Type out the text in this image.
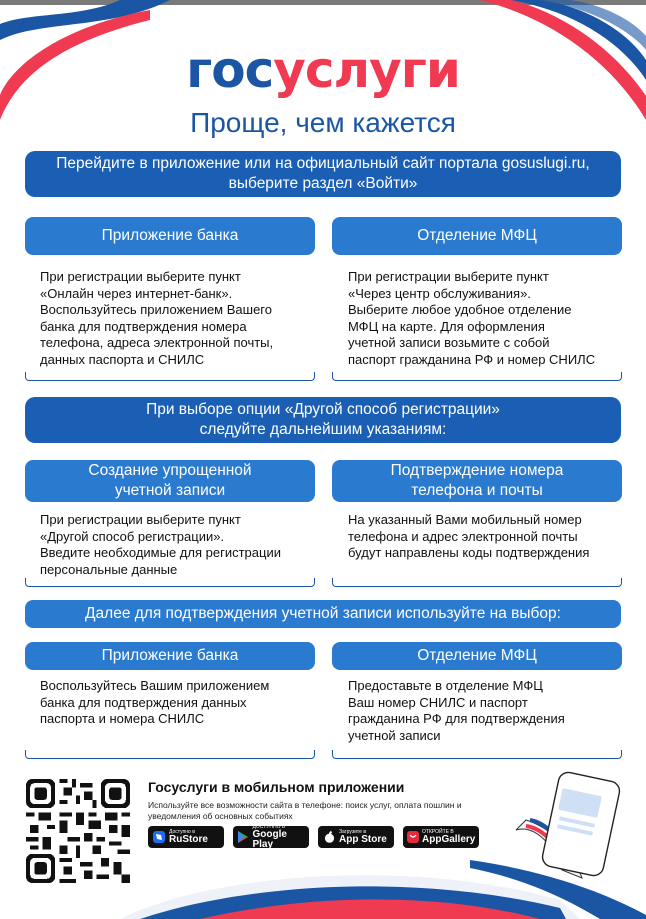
госуслуги
Проще, чем кажется
Перейдите в приложение или на официальный сайт портала gosuslugi.ru,
выберите раздел «Войти»
Приложение банка	Отделение МФЦ
При регистрации выберите пункт
«Онлайн через интернет-банк».
Воспользуйтесь приложением Вашего
банка для подтверждения номера
телефона, адреса электронной почты,
данных паспорта и СНИЛС
При регистрации выберите пункт
«Через центр обслуживания».
Выберите любое удобное отделение
МФЦ на карте. Для оформления
учетной записи возьмите с собой
паспорт гражданина РФ и номер СНИЛС
При выборе опции «Другой способ регистрации»
следуйте дальнейшим указаниям:
Создание упрощенной
учетной записи
Подтверждение номера
телефона и почты
При регистрации выберите пункт
«Другой способ регистрации».
Введите необходимые для регистрации
персональные данные
На указанный Вами мобильный номер
телефона и адрес электронной почты
будут направлены коды подтверждения
Далее для подтверждения учетной записи используйте на выбор:
Приложение банка	Отделение МФЦ
Воспользуйтесь Вашим приложением
банка для подтверждения данных
паспорта и номера СНИЛС
Предоставьте в отделение МФЦ
Ваш номер СНИЛС и паспорт
гражданина РФ для подтверждения
учетной записи
Госуслуги в мобильном приложении
Используйте все возможности сайта в телефоне: поиск услуг, оплата пошлин и уведомления об основных событиях
Доступно в
RuStore
ДОСТУПНО В
Google Play
Загрузите в
App Store
ОТКРОЙТЕ В
AppGallery
